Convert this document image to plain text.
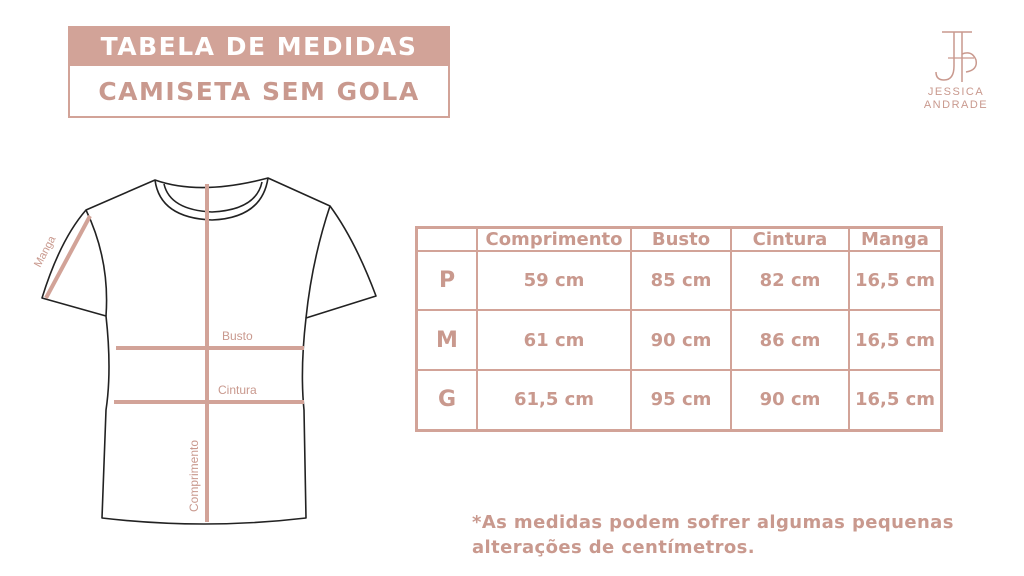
TABELA DE MEDIDAS
CAMISETA SEM GOLA	JESSICA
ANDRADE
Busto
Cintura
Comprimento
Manga
		Comprimento	Busto	Cintura	Manga
P	59 cm	85 cm	82 cm	16,5 cm
M	61 cm	90 cm	86 cm	16,5 cm
G	61,5 cm	95 cm	90 cm	16,5 cm
*As medidas podem sofrer algumas pequenas
alterações de centímetros.
